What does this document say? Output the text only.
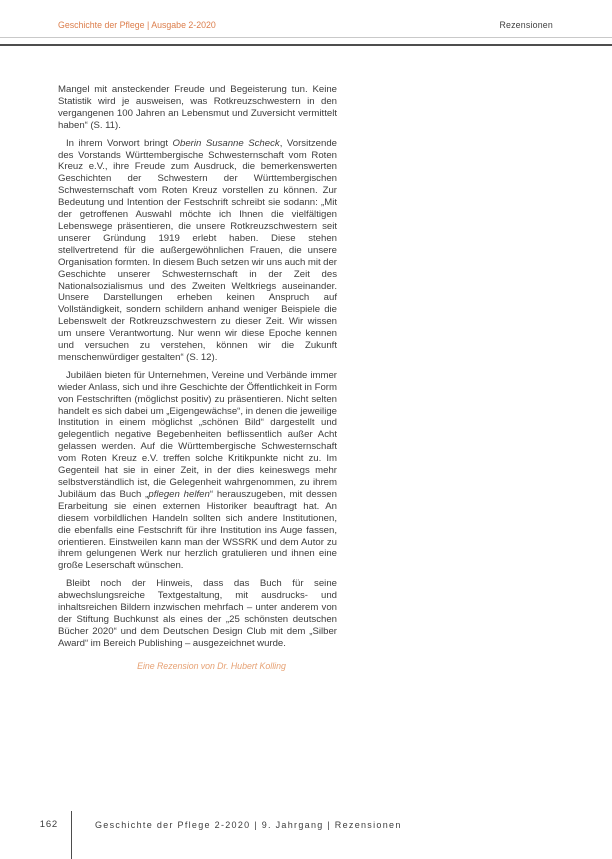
Geschichte der Pflege | Ausgabe 2-2020	Rezensionen

Mangel mit ansteckender Freude und Begeisterung tun. Keine Statistik wird je ausweisen, was Rotkreuzschwestern in den vergangenen 100 Jahren an Lebensmut und Zuversicht vermittelt haben“ (S. 11).

In ihrem Vorwort bringt Oberin Susanne Scheck, Vorsitzende des Vorstands Württembergische Schwesternschaft vom Roten Kreuz e.V., ihre Freude zum Ausdruck, die bemerkenswerten Geschichten der Schwestern der Württembergischen Schwesternschaft vom Roten Kreuz vorstellen zu können. Zur Bedeutung und Intention der Festschrift schreibt sie sodann: „Mit der getroffenen Auswahl möchte ich Ihnen die vielfältigen Lebenswege präsentieren, die unsere Rotkreuzschwestern seit unserer Gründung 1919 erlebt haben. Diese stehen stellvertretend für die außergewöhnlichen Frauen, die unsere Organisation formten. In diesem Buch setzen wir uns auch mit der Geschichte unserer Schwesternschaft in der Zeit des Nationalsozialismus und des Zweiten Weltkriegs auseinander. Unsere Darstellungen erheben keinen Anspruch auf Vollständigkeit, sondern schildern anhand weniger Beispiele die Lebenswelt der Rotkreuzschwestern zu dieser Zeit. Wir wissen um unsere Verantwortung. Nur wenn wir diese Epoche kennen und versuchen zu verstehen, können wir die Zukunft menschenwürdiger gestalten“ (S. 12).

Jubiläen bieten für Unternehmen, Vereine und Verbände immer wieder Anlass, sich und ihre Geschichte der Öffentlichkeit in Form von Festschriften (möglichst positiv) zu präsentieren. Nicht selten handelt es sich dabei um „Eigengewächse“, in denen die jeweilige Institution in einem möglichst „schönen Bild“ dargestellt und gelegentlich negative Begebenheiten beflissentlich außer Acht gelassen werden. Auf die Württembergische Schwesternschaft vom Roten Kreuz e.V. treffen solche Kritikpunkte nicht zu. Im Gegenteil hat sie in einer Zeit, in der dies keineswegs mehr selbstverständlich ist, die Gelegenheit wahrgenommen, zu ihrem Jubiläum das Buch „pflegen helfen“ herauszugeben, mit dessen Erarbeitung sie einen externen Historiker beauftragt hat. An diesem vorbildlichen Handeln sollten sich andere Institutionen, die ebenfalls eine Festschrift für ihre Institution ins Auge fassen, orientieren. Einstweilen kann man der WSSRK und dem Autor zu ihrem gelungenen Werk nur herzlich gratulieren und ihnen eine große Leserschaft wünschen.

Bleibt noch der Hinweis, dass das Buch für seine abwechslungsreiche Textgestaltung, mit ausdrucks- und inhaltsreichen Bildern inzwischen mehrfach – unter anderem von der Stiftung Buchkunst als eines der „25 schönsten deutschen Bücher 2020“ und dem Deutschen Design Club mit dem „Silber Award“ im Bereich Publishing – ausgezeichnet wurde.

Eine Rezension von Dr. Hubert Kolling
162	Geschichte der Pflege 2-2020 | 9. Jahrgang | Rezensionen
